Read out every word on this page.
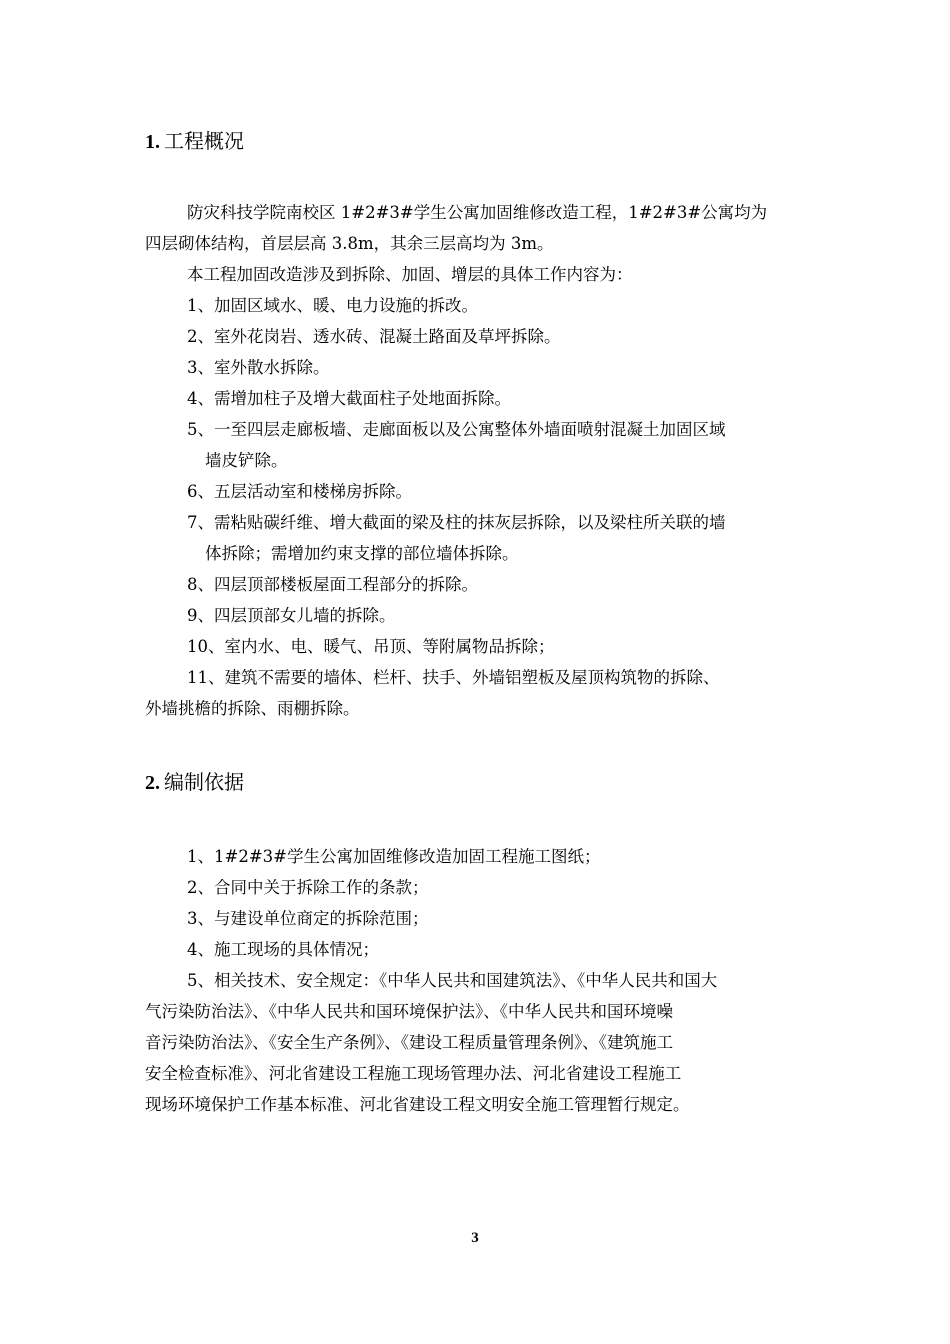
1. 工程概况
防灾科技学院南校区 1#2#3#学生公寓加固维修改造工程，1#2#3#公寓均为
四层砌体结构，首层层高 3.8m，其余三层高均为 3m。
本工程加固改造涉及到拆除、加固、增层的具体工作内容为：
1、加固区域水、暖、电力设施的拆改。
2、室外花岗岩、透水砖、混凝土路面及草坪拆除。
3、室外散水拆除。
4、需增加柱子及增大截面柱子处地面拆除。
5、一至四层走廊板墙、走廊面板以及公寓整体外墙面喷射混凝土加固区域
墙皮铲除。
6、五层活动室和楼梯房拆除。
7、需粘贴碳纤维、增大截面的梁及柱的抹灰层拆除，以及梁柱所关联的墙
体拆除；需增加约束支撑的部位墙体拆除。
8、四层顶部楼板屋面工程部分的拆除。
9、四层顶部女儿墙的拆除。
10、室内水、电、暖气、吊顶、等附属物品拆除；
11、建筑不需要的墙体、栏杆、扶手、外墙铝塑板及屋顶构筑物的拆除、
外墙挑檐的拆除、雨棚拆除。
2. 编制依据
1、1#2#3#学生公寓加固维修改造加固工程施工图纸；
2、合同中关于拆除工作的条款；
3、与建设单位商定的拆除范围；
4、施工现场的具体情况；
5、相关技术、安全规定：《中华人民共和国建筑法》、《中华人民共和国大
气污染防治法》、《中华人民共和国环境保护法》、《中华人民共和国环境噪
音污染防治法》、《安全生产条例》、《建设工程质量管理条例》、《建筑施工
安全检查标准》、河北省建设工程施工现场管理办法、河北省建设工程施工
现场环境保护工作基本标准、河北省建设工程文明安全施工管理暂行规定。
3
